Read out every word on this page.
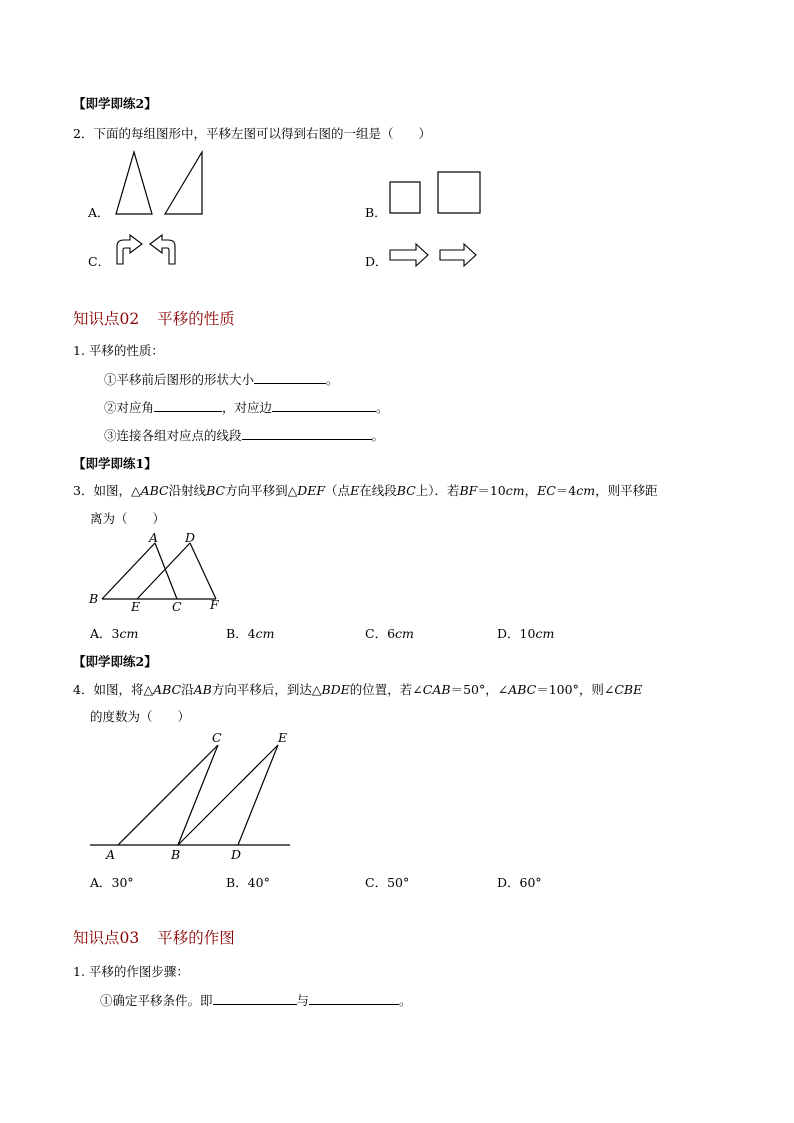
【即学即练2】
2．下面的每组图形中，平移左图可以得到右图的一组是（　　）
A．	B．
C．	D．
知识点02 平移的性质
1. 平移的性质：
①平移前后图形的形状大小	。
②对应角	，对应边	。
③连接各组对应点的线段	。
【即学即练1】
3．如图，△ABC沿射线BC方向平移到△DEF（点E在线段BC上）．若BF＝10cm，EC＝4cm，则平移距
离为（　　）
A D
B
E	C F
A．3cm	B．4cm	C．6cm	D．10cm
【即学即练2】
4．如图，将△ABC沿AB方向平移后，到达△BDE的位置，若∠CAB＝50°，∠ABC＝100°，则∠CBE
的度数为（　　）
C	E
A	B	D
A．30°	B．40°	C．50°	D．60°
知识点03 平移的作图
1. 平移的作图步骤：
①确定平移条件。即	与	。
